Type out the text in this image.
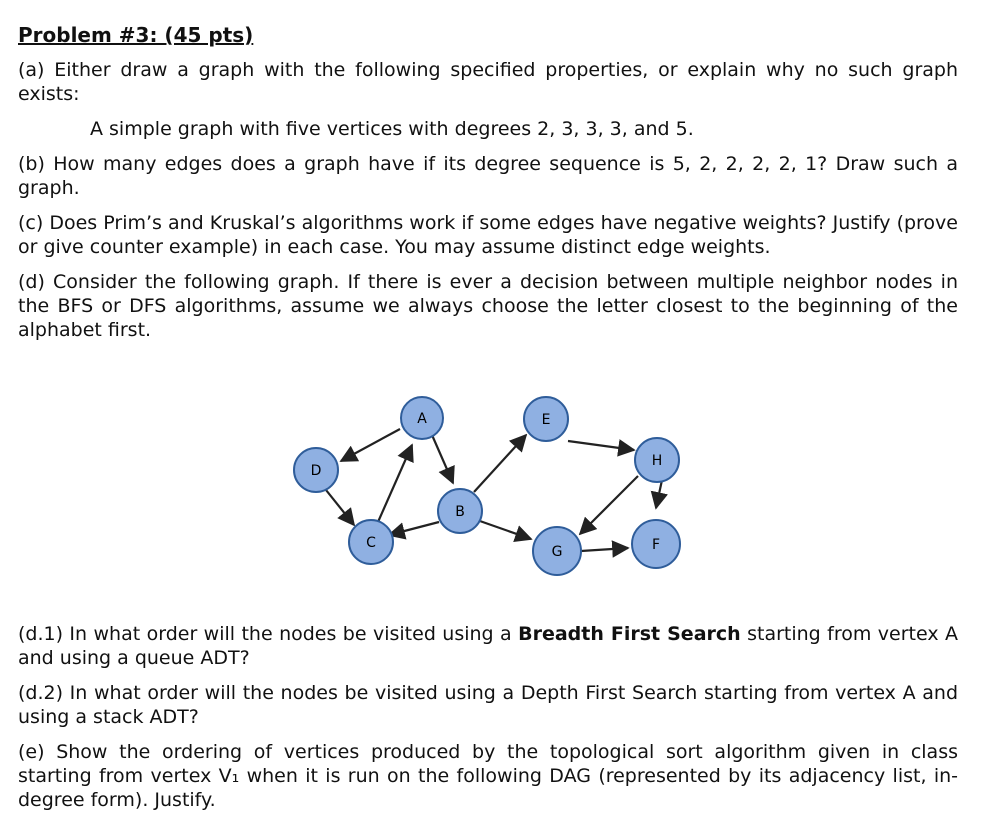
Problem #3: (45 pts)
(a) Either draw a graph with the following specified properties, or explain why no such graph exists:
A simple graph with five vertices with degrees 2, 3, 3, 3, and 5.
(b) How many edges does a graph have if its degree sequence is 5, 2, 2, 2, 2, 1? Draw such a graph.
(c) Does Prim’s and Kruskal’s algorithms work if some edges have negative weights? Justify (prove or give counter example) in each case. You may assume distinct edge weights.
(d) Consider the following graph. If there is ever a decision between multiple neighbor nodes in the BFS or DFS algorithms, assume we always choose the letter closest to the beginning of the alphabet first.
A	E
D
H
B
C
G	F
(d.1) In what order will the nodes be visited using a Breadth First Search starting from vertex A and using a queue ADT?
(d.2) In what order will the nodes be visited using a Depth First Search starting from vertex A and using a stack ADT?
(e) Show the ordering of vertices produced by the topological sort algorithm given in class starting from vertex V₁ when it is run on the following DAG (represented by its adjacency list, in-degree form). Justify.
